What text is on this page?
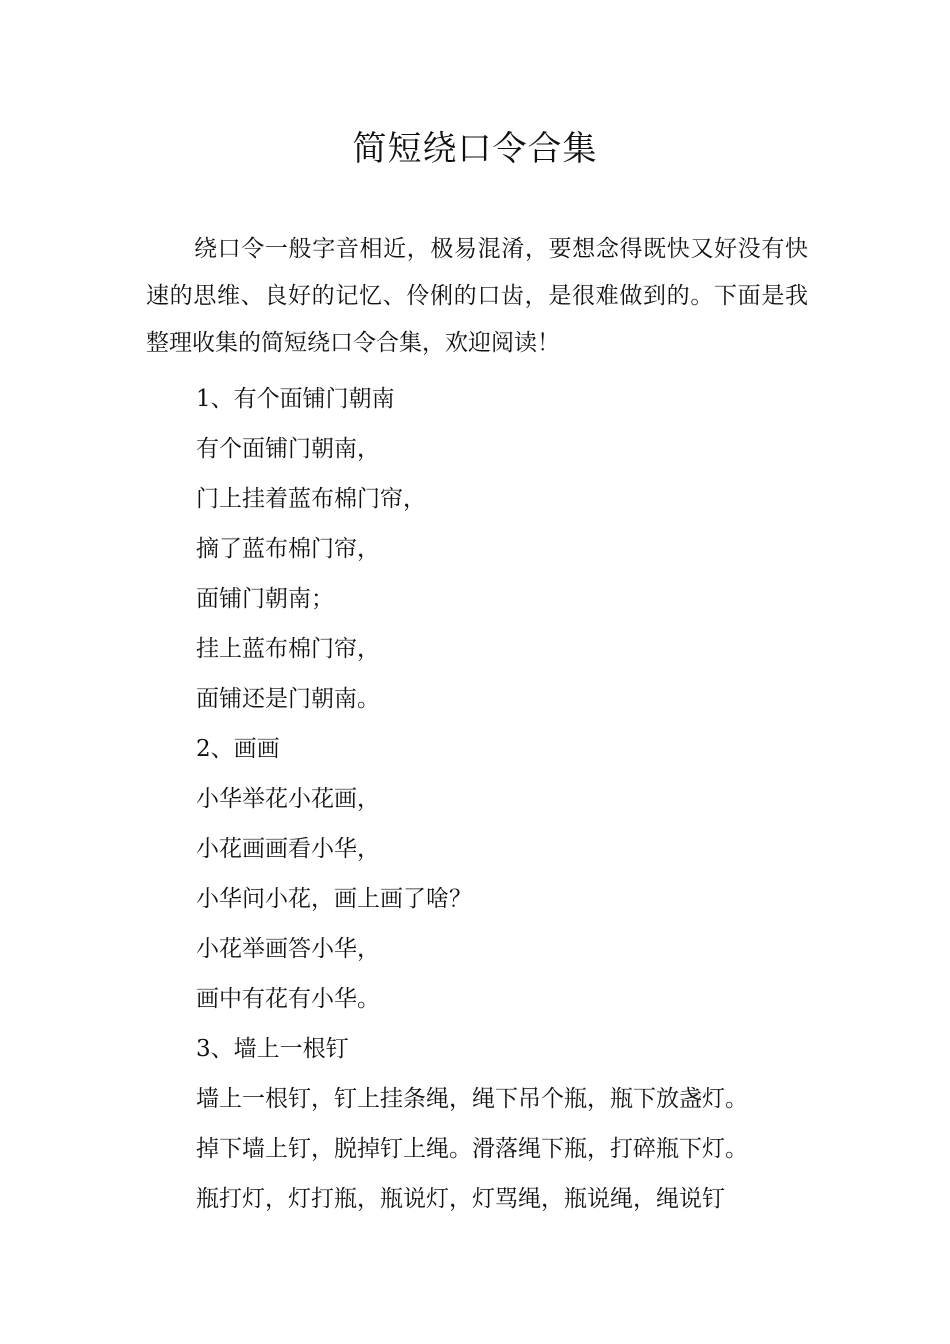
简短绕口令合集

绕口令一般字音相近，极易混淆，要想念得既快又好没有快速的思维、良好的记忆、伶俐的口齿，是很难做到的。下面是我整理收集的简短绕口令合集，欢迎阅读！

1、有个面铺门朝南
有个面铺门朝南，
门上挂着蓝布棉门帘，
摘了蓝布棉门帘，
面铺门朝南；
挂上蓝布棉门帘，
面铺还是门朝南。
2、画画
小华举花小花画，
小花画画看小华，
小华问小花，画上画了啥？
小花举画答小华，
画中有花有小华。
3、墙上一根钉
墙上一根钉，钉上挂条绳，绳下吊个瓶，瓶下放盏灯。
掉下墙上钉，脱掉钉上绳。滑落绳下瓶，打碎瓶下灯。
瓶打灯，灯打瓶，瓶说灯，灯骂绳，瓶说绳，绳说钉
